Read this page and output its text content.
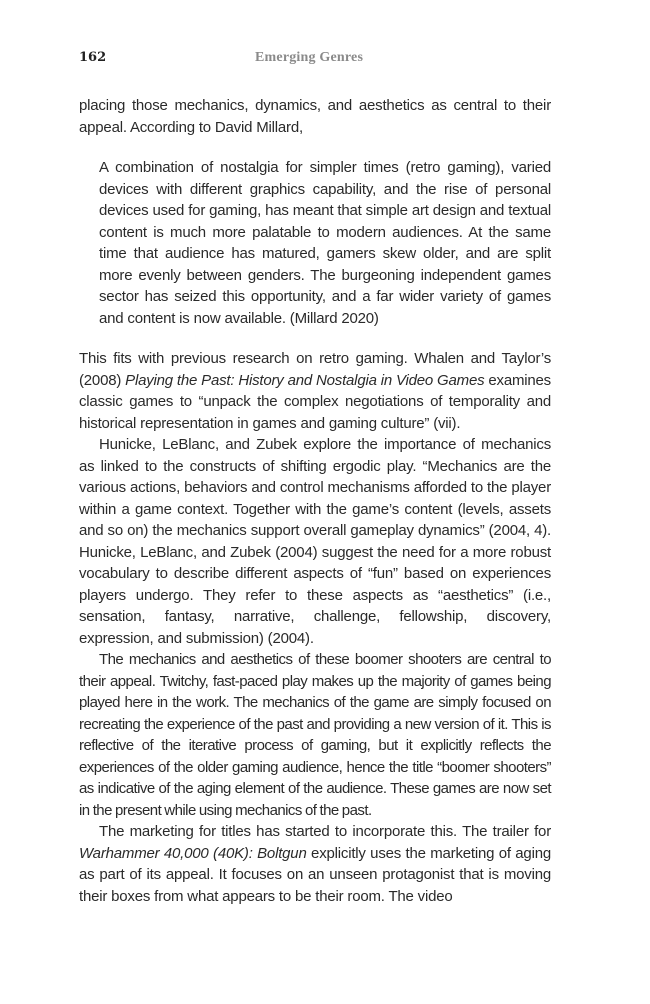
162	Emerging Genres

placing those mechanics, dynamics, and aesthetics as central to their appeal. According to David Millard,

A combination of nostalgia for simpler times (retro gaming), varied devices with different graphics capability, and the rise of personal devices used for gaming, has meant that simple art design and textual content is much more palatable to modern audiences. At the same time that audience has matured, gamers skew older, and are split more evenly between genders. The burgeoning independent games sector has seized this opportunity, and a far wider variety of games and content is now available. (Millard 2020)

This fits with previous research on retro gaming. Whalen and Taylor’s (2008) Playing the Past: History and Nostalgia in Video Games examines classic games to “unpack the complex negotiations of temporality and historical representation in games and gaming culture” (vii).

Hunicke, LeBlanc, and Zubek explore the importance of mechanics as linked to the constructs of shifting ergodic play. “Mechanics are the various actions, behaviors and control mechanisms afforded to the player within a game context. Together with the game’s content (levels, assets and so on) the mechanics support overall gameplay dynamics” (2004, 4). Hunicke, LeBlanc, and Zubek (2004) suggest the need for a more robust vocabulary to describe different aspects of “fun” based on experiences players undergo. They refer to these aspects as “aesthetics” (i.e., sensation, fantasy, narrative, challenge, fellowship, discovery, expression, and submission) (2004).

The mechanics and aesthetics of these boomer shooters are central to their appeal. Twitchy, fast-paced play makes up the majority of games being played here in the work. The mechanics of the game are simply focused on recreating the experience of the past and providing a new version of it. This is reflective of the iterative process of gaming, but it explicitly reflects the experiences of the older gaming audience, hence the title “boomer shooters” as indicative of the aging element of the audience. These games are now set in the present while using mechanics of the past.

The marketing for titles has started to incorporate this. The trailer for Warhammer 40,000 (40K): Boltgun explicitly uses the marketing of aging as part of its appeal. It focuses on an unseen protagonist that is moving their boxes from what appears to be their room. The video
